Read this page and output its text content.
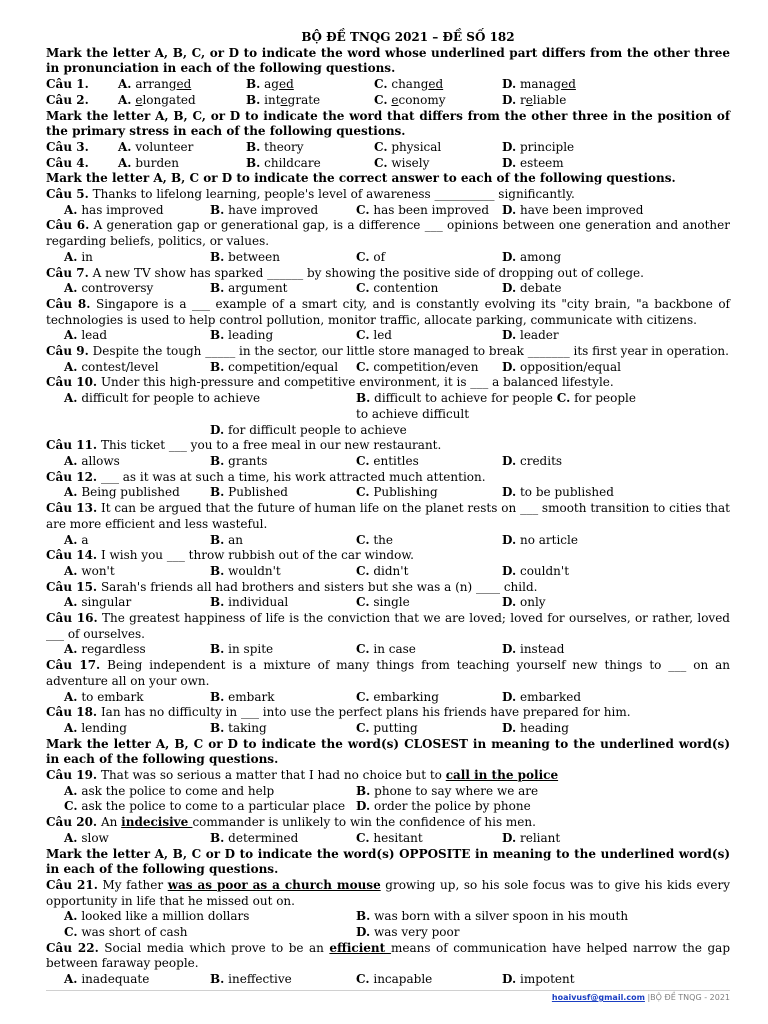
BỘ ĐỀ TNQG 2021 – ĐỀ SỐ 182
Mark the letter A, B, C, or D to indicate the word whose underlined part differs from the other three in pronunciation in each of the following questions.
Câu 1.	A. arranged	B. aged	C. changed	D. managed
Câu 2.	A. elongated	B. integrate	C. economy	D. reliable
Mark the letter A, B, C, or D to indicate the word that differs from the other three in the position of the primary stress in each of the following questions.
Câu 3.	A. volunteer	B. theory	C. physical	D. principle
Câu 4.	A. burden	B. childcare	C. wisely	D. esteem
Mark the letter A, B, C or D to indicate the correct answer to each of the following questions.
Câu 5. Thanks to lifelong learning, people's level of awareness __________ significantly.
A. has improved	B. have improved	C. has been improved	D. have been improved
Câu 6. A generation gap or generational gap, is a difference ___ opinions between one generation and another regarding beliefs, politics, or values.
A. in	B. between	C. of	D. among
Câu 7. A new TV show has sparked ______ by showing the positive side of dropping out of college.
A. controversy	B. argument	C. contention	D. debate
Câu 8. Singapore is a ___ example of a smart city, and is constantly evolving its "city brain, "a backbone of technologies is used to help control pollution, monitor traffic, allocate parking, communicate with citizens.
A. lead	B. leading	C. led	D. leader
Câu 9. Despite the tough _____ in the sector, our little store managed to break _______ its first year in operation.
A. contest/level	B. competition/equal	C. competition/even	D. opposition/equal
Câu 10. Under this high-pressure and competitive environment, it is ___ a balanced lifestyle.
A. difficult for people to achieve	B. difficult to achieve for people C. for people to achieve difficult
D. for difficult people to achieve
Câu 11. This ticket ___ you to a free meal in our new restaurant.
A. allows	B. grants	C. entitles	D. credits
Câu 12. ___ as it was at such a time, his work attracted much attention.
A. Being published	B. Published	C. Publishing	D. to be published
Câu 13. It can be argued that the future of human life on the planet rests on ___ smooth transition to cities that are more efficient and less wasteful.
A. a	B. an	C. the	D. no article
Câu 14. I wish you ___ throw rubbish out of the car window.
A. won't	B. wouldn't	C. didn't	D. couldn't
Câu 15. Sarah's friends all had brothers and sisters but she was a (n) ____ child.
A. singular	B. individual	C. single	D. only
Câu 16. The greatest happiness of life is the conviction that we are loved; loved for ourselves, or rather, loved ___ of ourselves.
A. regardless	B. in spite	C. in case	D. instead
Câu 17. Being independent is a mixture of many things from teaching yourself new things to ___ on an adventure all on your own.
A. to embark	B. embark	C. embarking	D. embarked
Câu 18. Ian has no difficulty in ___ into use the perfect plans his friends have prepared for him.
A. lending	B. taking	C. putting	D. heading
Mark the letter A, B, C or D to indicate the word(s) CLOSEST in meaning to the underlined word(s) in each of the following questions.
Câu 19. That was so serious a matter that I had no choice but to call in the police
A. ask the police to come and help	B. phone to say where we are
C. ask the police to come to a particular place D. order the police by phone
Câu 20. An indecisive commander is unlikely to win the confidence of his men.
A. slow	B. determined	C. hesitant	D. reliant
Mark the letter A, B, C or D to indicate the word(s) OPPOSITE in meaning to the underlined word(s) in each of the following questions.
Câu 21. My father was as poor as a church mouse growing up, so his sole focus was to give his kids every opportunity in life that he missed out on.
A. looked like a million dollars	B. was born with a silver spoon in his mouth
C. was short of cash	D. was very poor
Câu 22. Social media which prove to be an efficient means of communication have helped narrow the gap between faraway people.
A. inadequate	B. ineffective	C. incapable	D. impotent
hoaivusf@gmail.com |BỘ ĐỀ TNQG - 2021
